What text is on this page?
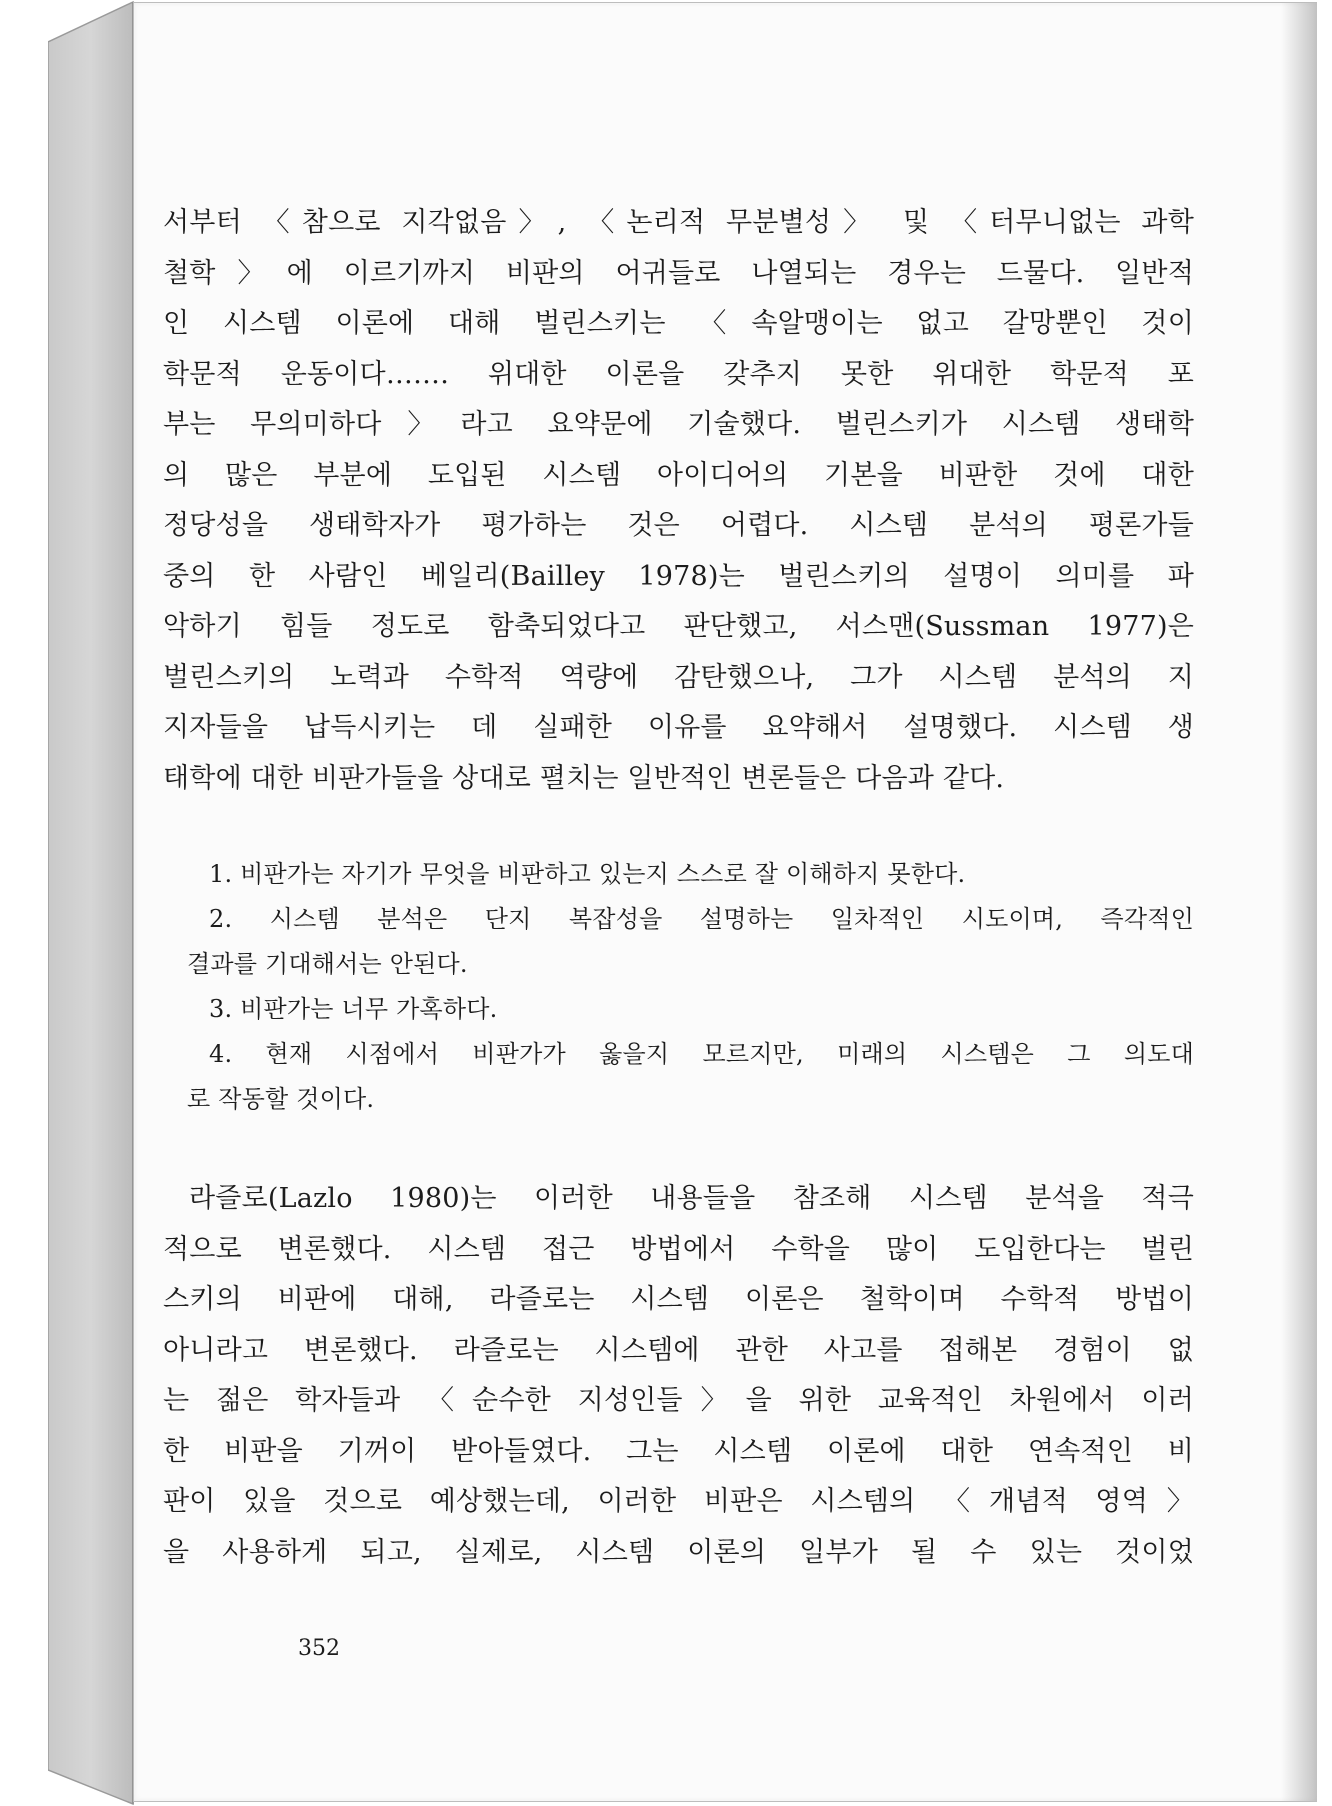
서부터 〈참으로 지각없음〉, 〈논리적 무분별성〉 및 〈터무니없는 과학
철학〉에 이르기까지 비판의 어귀들로 나열되는 경우는 드물다. 일반적
인 시스템 이론에 대해 벌린스키는 〈속알맹이는 없고 갈망뿐인 것이
학문적 운동이다……. 위대한 이론을 갖추지 못한 위대한 학문적 포
부는 무의미하다〉라고 요약문에 기술했다. 벌린스키가 시스템 생태학
의 많은 부분에 도입된 시스템 아이디어의 기본을 비판한 것에 대한
정당성을 생태학자가 평가하는 것은 어렵다. 시스템 분석의 평론가들
중의 한 사람인 베일리(Bailley 1978)는 벌린스키의 설명이 의미를 파
악하기 힘들 정도로 함축되었다고 판단했고, 서스맨(Sussman 1977)은
벌린스키의 노력과 수학적 역량에 감탄했으나, 그가 시스템 분석의 지
지자들을 납득시키는 데 실패한 이유를 요약해서 설명했다. 시스템 생
태학에 대한 비판가들을 상대로 펼치는 일반적인 변론들은 다음과 같다.

1. 비판가는 자기가 무엇을 비판하고 있는지 스스로 잘 이해하지 못한다.
2. 시스템 분석은 단지 복잡성을 설명하는 일차적인 시도이며, 즉각적인
결과를 기대해서는 안된다.
3. 비판가는 너무 가혹하다.
4. 현재 시점에서 비판가가 옳을지 모르지만, 미래의 시스템은 그 의도대
로 작동할 것이다.

라즐로(Lazlo 1980)는 이러한 내용들을 참조해 시스템 분석을 적극
적으로 변론했다. 시스템 접근 방법에서 수학을 많이 도입한다는 벌린
스키의 비판에 대해, 라즐로는 시스템 이론은 철학이며 수학적 방법이
아니라고 변론했다. 라즐로는 시스템에 관한 사고를 접해본 경험이 없
는 젊은 학자들과 〈순수한 지성인들〉을 위한 교육적인 차원에서 이러
한 비판을 기꺼이 받아들였다. 그는 시스템 이론에 대한 연속적인 비
판이 있을 것으로 예상했는데, 이러한 비판은 시스템의 〈개념적 영역〉
을 사용하게 되고, 실제로, 시스템 이론의 일부가 될 수 있는 것이었

352
